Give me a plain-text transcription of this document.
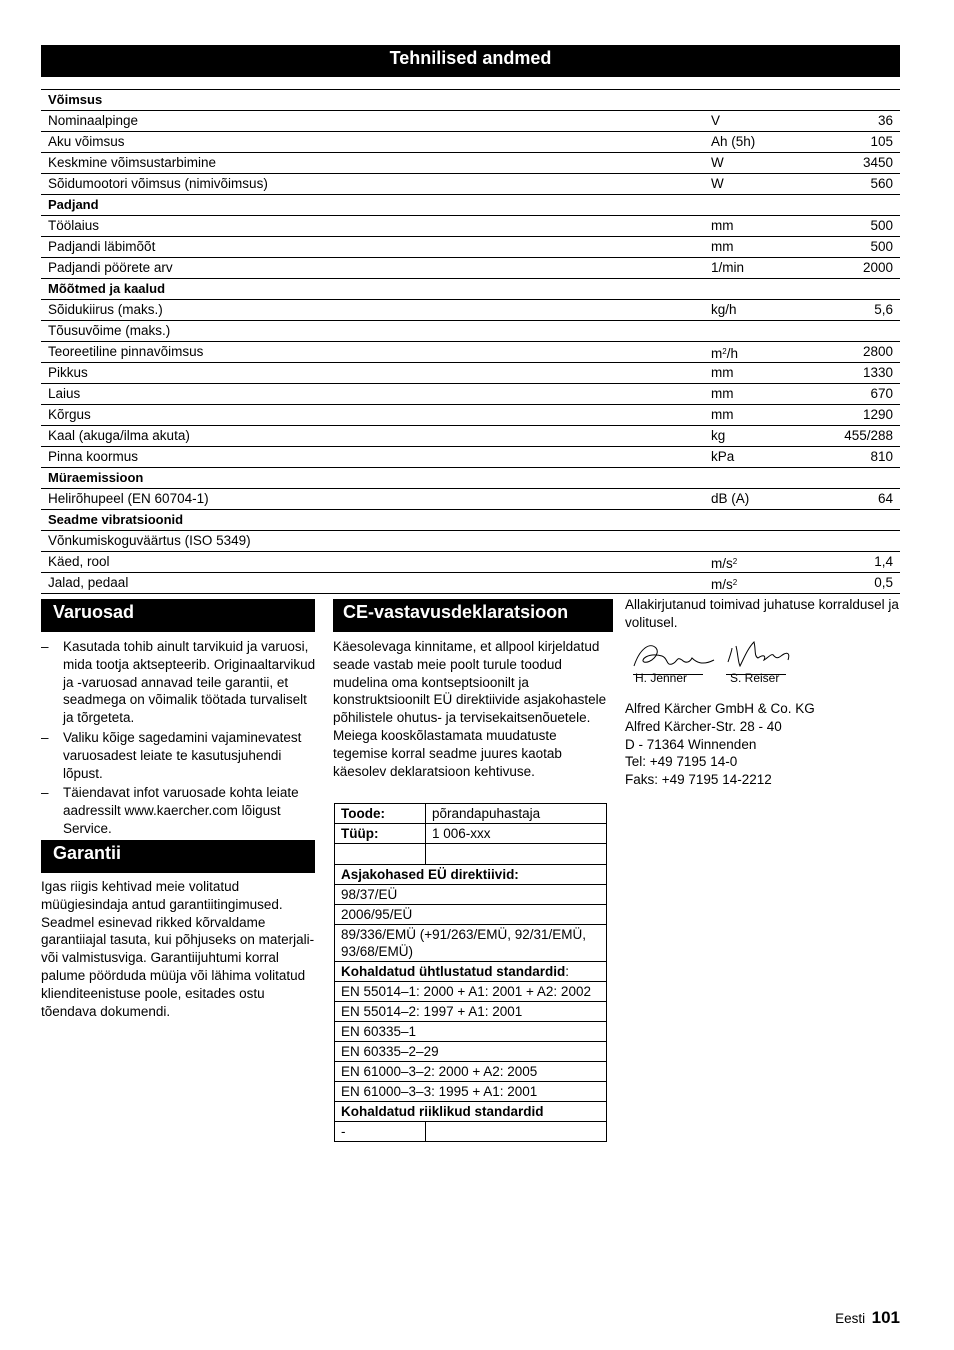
Tehnilised andmed
Võimsus
Nominaalpinge	V	36
Aku võimsus	Ah (5h)	105
Keskmine võimsustarbimine	W	3450
Sõidumootori võimsus (nimivõimsus)	W	560
Padjand
Töölaius	mm	500
Padjandi läbimõõt	mm	500
Padjandi pöörete arv	1/min	2000
Mõõtmed ja kaalud
Sõidukiirus (maks.)	kg/h	5,6
Tõusuvõime (maks.)
Teoreetiline pinnavõimsus	$m^2/h$	2800
Pikkus	mm	1330
Laius	mm	670
Kõrgus	mm	1290
Kaal (akuga/ilma akuta)	kg	455/288
Pinna koormus	kPa	810
Müraemissioon
Helirõhupeel (EN 60704-1)	dB (A)	64
Seadme vibratsioonid
Võnkumiskoguväärtus (ISO 5349)
Käed, rool	$m/s^2$	1,4
Jalad, pedaal	$m/s^2$	0,5
Varuosad
– Kasutada tohib ainult tarvikuid ja varuosi, mida tootja aktsepteerib. Originaaltarvikud ja -varuosad annavad teile garantii, et seadmega on võimalik töötada turvaliselt ja tõrgeteta.
– Valiku kõige sagedamini vajaminevatest varuosadest leiate te kasutusjuhendi lõpust.
– Täiendavat infot varuosade kohta leiate aadressilt www.kaercher.com lõigust Service.
Garantii
Igas riigis kehtivad meie volitatud müügiesindaja antud garantiitingimused. Seadmel esinevad rikked kõrvaldame garantiiajal tasuta, kui põhjuseks on materjali- või valmistusviga. Garantiijuhtumi korral palume pöörduda müüja või lähima volitatud klienditeenistuse poole, esitades ostu tõendava dokumendi.
CE-vastavusdeklaratsioon
Käesolevaga kinnitame, et allpool kirjeldatud seade vastab meie poolt turule toodud mudelina oma kontseptsioonilt ja konstruktsioonilt EÜ direktiivide asjakohastele põhilistele ohutus- ja tervisekaitsenõuetele. Meiega kooskõlastamata muudatuste tegemise korral seadme juures kaotab käesolev deklaratsioon kehtivuse.
Toode:	põrandapuhastaja
Tüüp:	1 006-xxx

Asjakohased EÜ direktiivid:	
98/37/EÜ	
2006/95/EÜ	
89/336/EMÜ (+91/263/EMÜ, 92/31/EMÜ, 93/68/EMÜ)	
Kohaldatud ühtlustatud standardid:	
EN 55014–1: 2000 + A1: 2001 + A2: 2002	
EN 55014–2: 1997 + A1: 2001	
EN 60335–1	
EN 60335–2–29	
EN 61000–3–2: 2000 + A2: 2005	
EN 61000–3–3: 1995 + A1: 2001	
Kohaldatud riiklikud standardid	
-	
Allakirjutanud toimivad juhatuse korraldusel ja volitusel.
H. Jenner	S. Reiser
Alfred Kärcher GmbH & Co. KG
Alfred Kärcher-Str. 28 - 40
D - 71364 Winnenden
Tel: +49 7195 14-0
Faks: +49 7195 14-2212
Eesti 101
